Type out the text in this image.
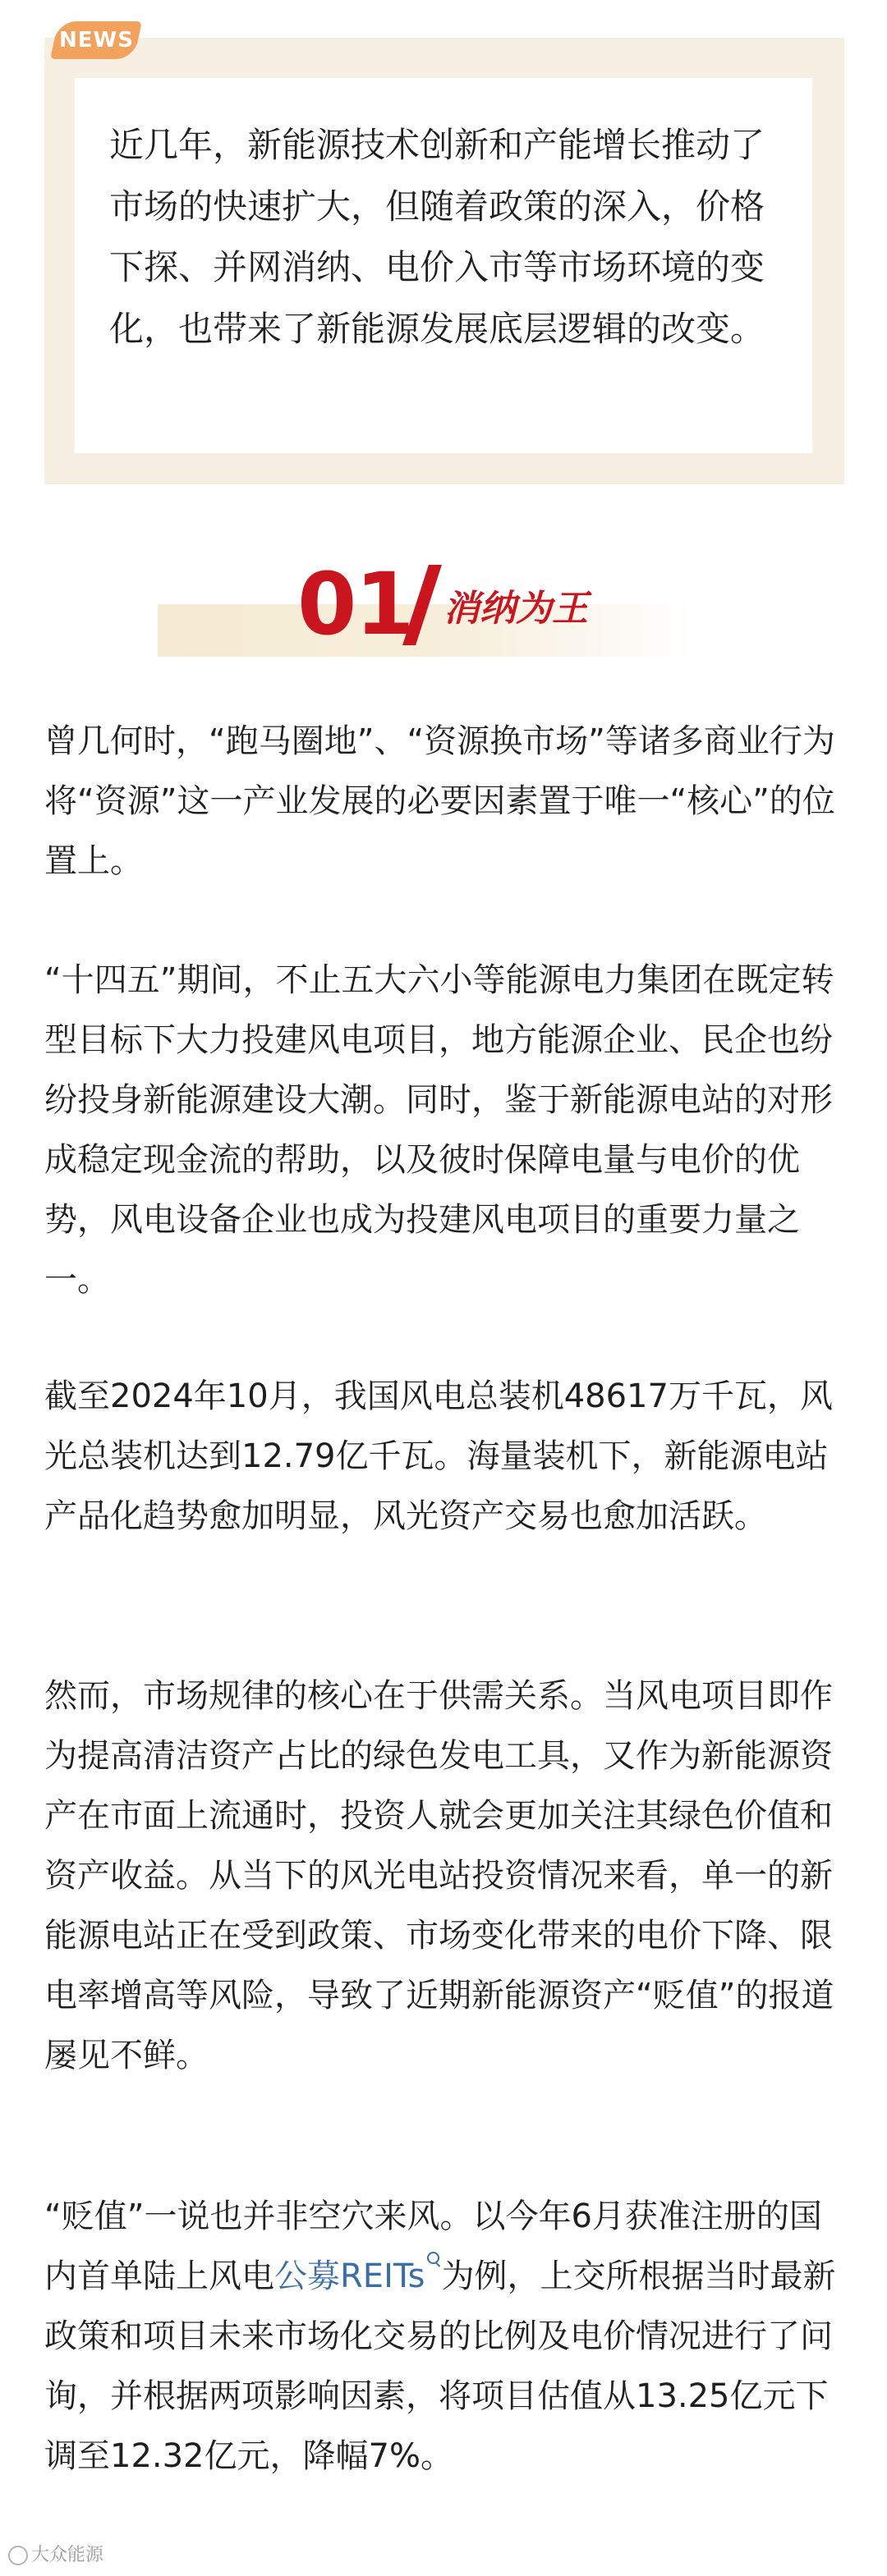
NEWS

近几年，新能源技术创新和产能增长推动了市场的快速扩大，但随着政策的深入，价格下探、并网消纳、电价入市等市场环境的变化，也带来了新能源发展底层逻辑的改变。

01 消纳为王

曾几何时，“跑马圈地”、“资源换市场”等诸多商业行为将“资源”这一产业发展的必要因素置于唯一“核心”的位置上。

“十四五”期间，不止五大六小等能源电力集团在既定转型目标下大力投建风电项目，地方能源企业、民企也纷纷投身新能源建设大潮。同时，鉴于新能源电站的对形成稳定现金流的帮助，以及彼时保障电量与电价的优势，风电设备企业也成为投建风电项目的重要力量之一。

截至2024年10月，我国风电总装机48617万千瓦，风光总装机达到12.79亿千瓦。海量装机下，新能源电站产品化趋势愈加明显，风光资产交易也愈加活跃。

然而，市场规律的核心在于供需关系。当风电项目即作为提高清洁资产占比的绿色发电工具，又作为新能源资产在市面上流通时，投资人就会更加关注其绿色价值和资产收益。从当下的风光电站投资情况来看，单一的新能源电站正在受到政策、市场变化带来的电价下降、限电率增高等风险，导致了近期新能源资产“贬值”的报道屡见不鲜。

“贬值”一说也并非空穴来风。以今年6月获准注册的国内首单陆上风电公募REITs 为例，上交所根据当时最新政策和项目未来市场化交易的比例及电价情况进行了问询，并根据两项影响因素，将项目估值从13.25亿元下调至12.32亿元，降幅7%。

大众能源
